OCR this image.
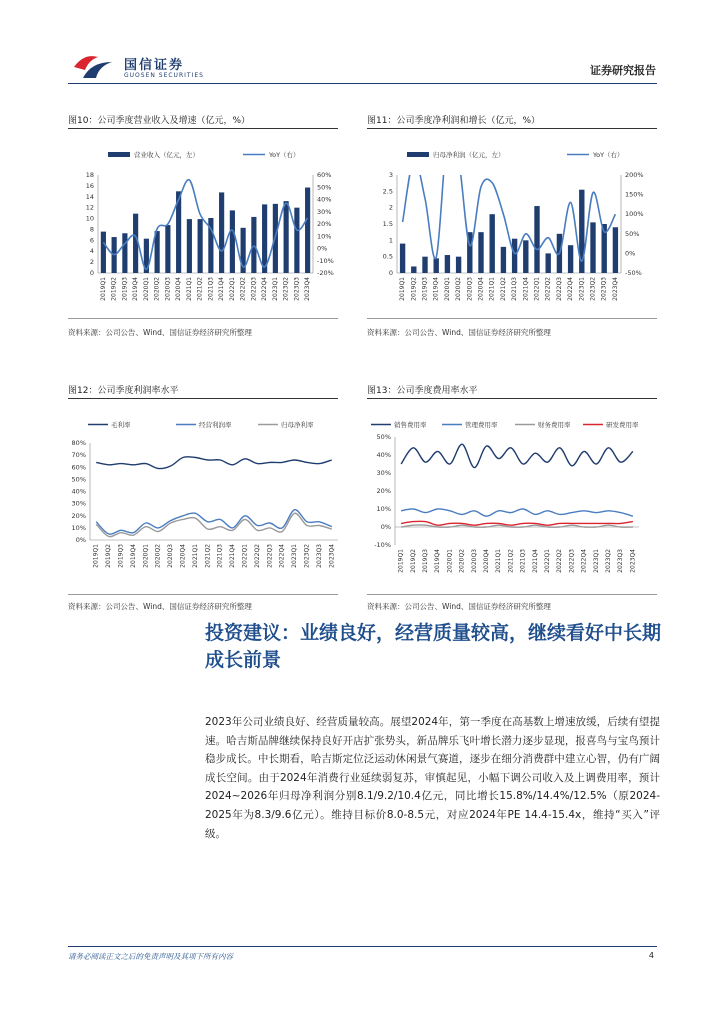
国信证券
GUOSEN SECURITIES	证券研究报告
图10：公司季度营业收入及增速（亿元，%）	图11：公司季度净利润和增长（亿元，%）
营业收入（亿元，左）	YoY（右）
0
2
4
6
8
10
12
14
16
18
-20%
-10%
0%
10%
20%
30%
40%
50%
60%
2019Q1 2019Q2 2019Q3 2019Q4 2020Q1 2020Q2 2020Q3 2020Q4 2021Q1 2021Q2 2021Q3 2021Q4 2022Q1 2022Q2 2022Q3 2022Q4 2023Q1 2023Q2 2023Q3 2023Q4
归母净利润（亿元，左）	YoY（右）
0
0.5
1
1.5
2
2.5
3
-50%
0%
50%
100%
150%
200%
2019Q1 2019Q2 2019Q3 2019Q4 2020Q1 2020Q2 2020Q3 2020Q4 2021Q1 2021Q2 2021Q3 2021Q4 2022Q1 2022Q2 2022Q3 2022Q4 2023Q1 2023Q2 2023Q3 2023Q4
资料来源：公司公告、Wind、国信证券经济研究所整理	资料来源：公司公告、Wind、国信证券经济研究所整理
图12：公司季度利润率水平	图13：公司季度费用率水平
毛利率	经营利润率	归母净利率
0%
10%
20%
30%
40%
50%
60%
70%
80%
2019Q1 2019Q2 2019Q3 2019Q4 2020Q1 2020Q2 2020Q3 2020Q4 2021Q1 2021Q2 2021Q3 2021Q4 2022Q1 2022Q2 2022Q3 2022Q4 2023Q1 2023Q2 2023Q3 2023Q4
销售费用率	管理费用率	财务费用率	研发费用率
-10%
0%
10%
20%
30%
40%
50%
2019Q1 2019Q2 2019Q3 2019Q4 2020Q1 2020Q2 2020Q3 2020Q4 2021Q1 2021Q2 2021Q3 2021Q4 2022Q1 2022Q2 2022Q3 2022Q4 2023Q1 2023Q2 2023Q3 2023Q4
资料来源：公司公告、Wind、国信证券经济研究所整理	资料来源：公司公告、Wind、国信证券经济研究所整理
投资建议：业绩良好，经营质量较高，继续看好中长期成长前景

2023年公司业绩良好、经营质量较高。展望2024年，第一季度在高基数上增速放缓，后续有望提速。哈吉斯品牌继续保持良好开店扩张势头，新品牌乐飞叶增长潜力逐步显现，报喜鸟与宝鸟预计稳步成长。中长期看，哈吉斯定位泛运动休闲景气赛道，逐步在细分消费群中建立心智，仍有广阔成长空间。由于2024年消费行业延续弱复苏，审慎起见，小幅下调公司收入及上调费用率，预计2024~2026年归母净利润分别8.1/9.2/10.4亿元，同比增长15.8%/14.4%/12.5%（原2024-2025年为8.3/9.6亿元）。维持目标价8.0-8.5元，对应2024年PE 14.4-15.4x，维持“买入”评级。

请务必阅读正文之后的免责声明及其项下所有内容	4
